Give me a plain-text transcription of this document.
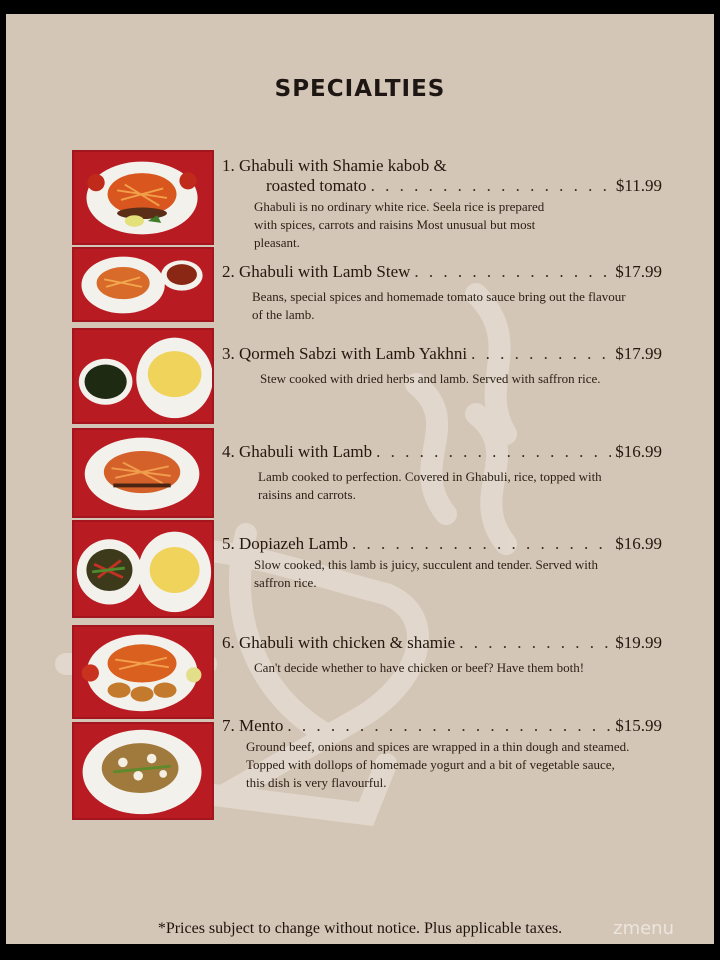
SPECIALTIES
1. Ghabuli with Shamie kabob &
roasted tomato . . .	$11.99
Ghabuli is no ordinary white rice. Seela rice is prepared with spices, carrots and raisins Most unusual but most pleasant.
2. Ghabuli with Lamb Stew . . .	$17.99
Beans, special spices and homemade tomato sauce bring out the flavour of the lamb.
3. Qormeh Sabzi with Lamb Yakhni . . .	$17.99
Stew cooked with dried herbs and lamb. Served with saffron rice.
4. Ghabuli with Lamb . . .	$16.99
Lamb cooked to perfection. Covered in Ghabuli, rice, topped with raisins and carrots.
5. Dopiazeh Lamb . . .	$16.99
Slow cooked, this lamb is juicy, succulent and tender. Served with saffron rice.
6. Ghabuli with chicken & shamie . . .	$19.99
Can't decide whether to have chicken or beef? Have them both!
7. Mento . . .	$15.99
Ground beef, onions and spices are wrapped in a thin dough and steamed. Topped with dollops of homemade yogurt and a bit of vegetable sauce, this dish is very flavourful.
*Prices subject to change without notice. Plus applicable taxes.	zmenu
